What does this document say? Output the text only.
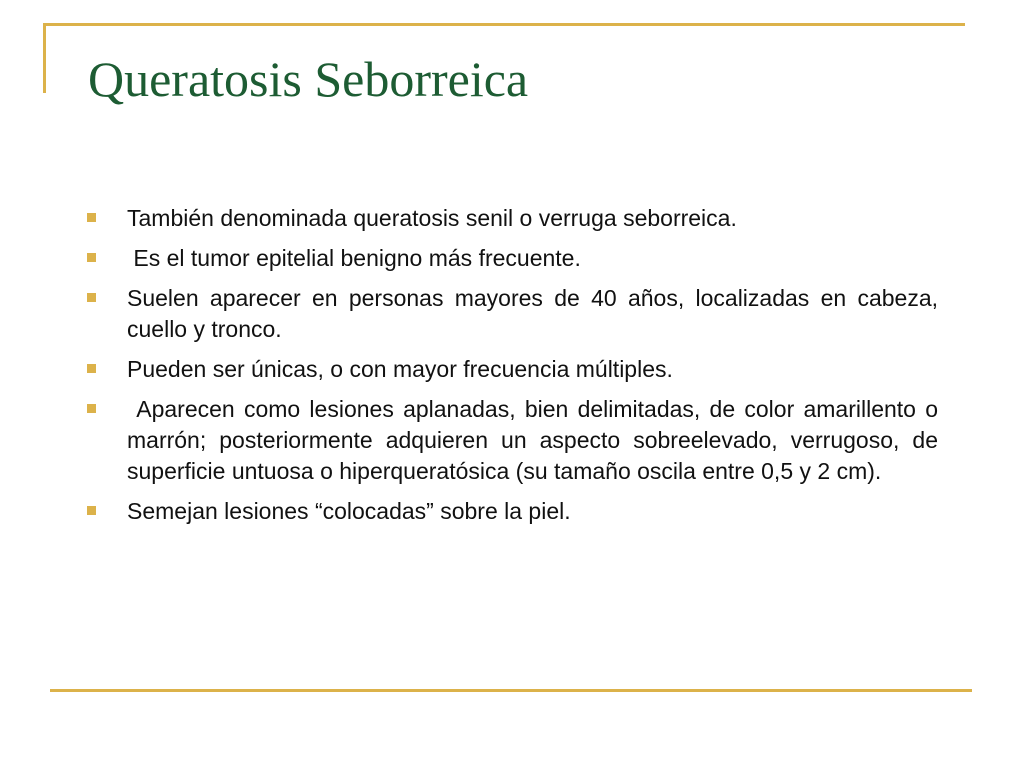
Queratosis Seborreica
También denominada queratosis senil o verruga seborreica.
Es el tumor epitelial benigno más frecuente.
Suelen aparecer en personas mayores de 40 años, localizadas en cabeza, cuello y tronco.
Pueden ser únicas, o con mayor frecuencia múltiples.
Aparecen como lesiones aplanadas, bien delimitadas, de color amarillento o marrón; posteriormente adquieren un aspecto sobreelevado, verrugoso, de superficie untuosa o hiperqueratósica (su tamaño oscila entre 0,5 y 2 cm).
Semejan lesiones “colocadas” sobre la piel.
